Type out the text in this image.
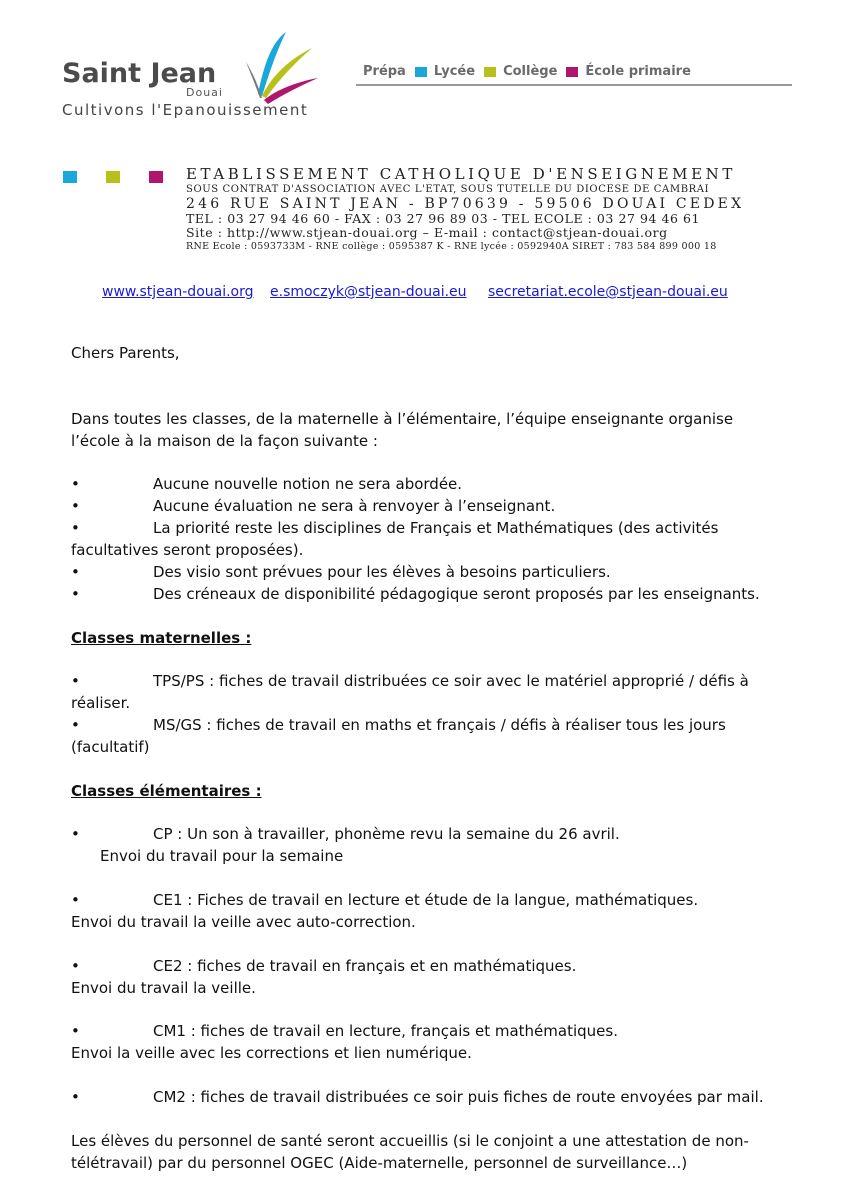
Saint Jean
Douai
Cultivons l'Epanouissement
Prépa Lycée Collège École primaire
ETABLISSEMENT CATHOLIQUE D'ENSEIGNEMENT
SOUS CONTRAT D'ASSOCIATION AVEC L'ETAT, SOUS TUTELLE DU DIOCESE DE CAMBRAI
246 RUE SAINT JEAN - BP70639 - 59506 DOUAI CEDEX
TEL : 03 27 94 46 60 - FAX : 03 27 96 89 03 - TEL ECOLE : 03 27 94 46 61
Site : http://www.stjean-douai.org – E-mail : contact@stjean-douai.org
RNE Ecole : 0593733M - RNE collège : 0595387 K - RNE lycée : 0592940A SIRET : 783 584 899 000 18
www.stjean-douai.org e.smoczyk@stjean-douai.eu secretariat.ecole@stjean-douai.eu
Chers Parents,
Dans toutes les classes, de la maternelle à l’élémentaire, l’équipe enseignante organise l’école à la maison de la façon suivante :
•	Aucune nouvelle notion ne sera abordée.
•	Aucune évaluation ne sera à renvoyer à l’enseignant.
•	La priorité reste les disciplines de Français et Mathématiques (des activités facultatives seront proposées).
•	Des visio sont prévues pour les élèves à besoins particuliers.
•	Des créneaux de disponibilité pédagogique seront proposés par les enseignants.
Classes maternelles :
•	TPS/PS : fiches de travail distribuées ce soir avec le matériel approprié / défis à réaliser.
•	MS/GS : fiches de travail en maths et français / défis à réaliser tous les jours (facultatif)
Classes élémentaires :
•	CP : Un son à travailler, phonème revu la semaine du 26 avril.
Envoi du travail pour la semaine
•	CE1 : Fiches de travail en lecture et étude de la langue, mathématiques.
Envoi du travail la veille avec auto-correction.
•	CE2 : fiches de travail en français et en mathématiques.
Envoi du travail la veille.
•	CM1 : fiches de travail en lecture, français et mathématiques.
Envoi la veille avec les corrections et lien numérique.
•	CM2 : fiches de travail distribuées ce soir puis fiches de route envoyées par mail.
Les élèves du personnel de santé seront accueillis (si le conjoint a une attestation de non-télétravail) par du personnel OGEC (Aide-maternelle, personnel de surveillance…)
